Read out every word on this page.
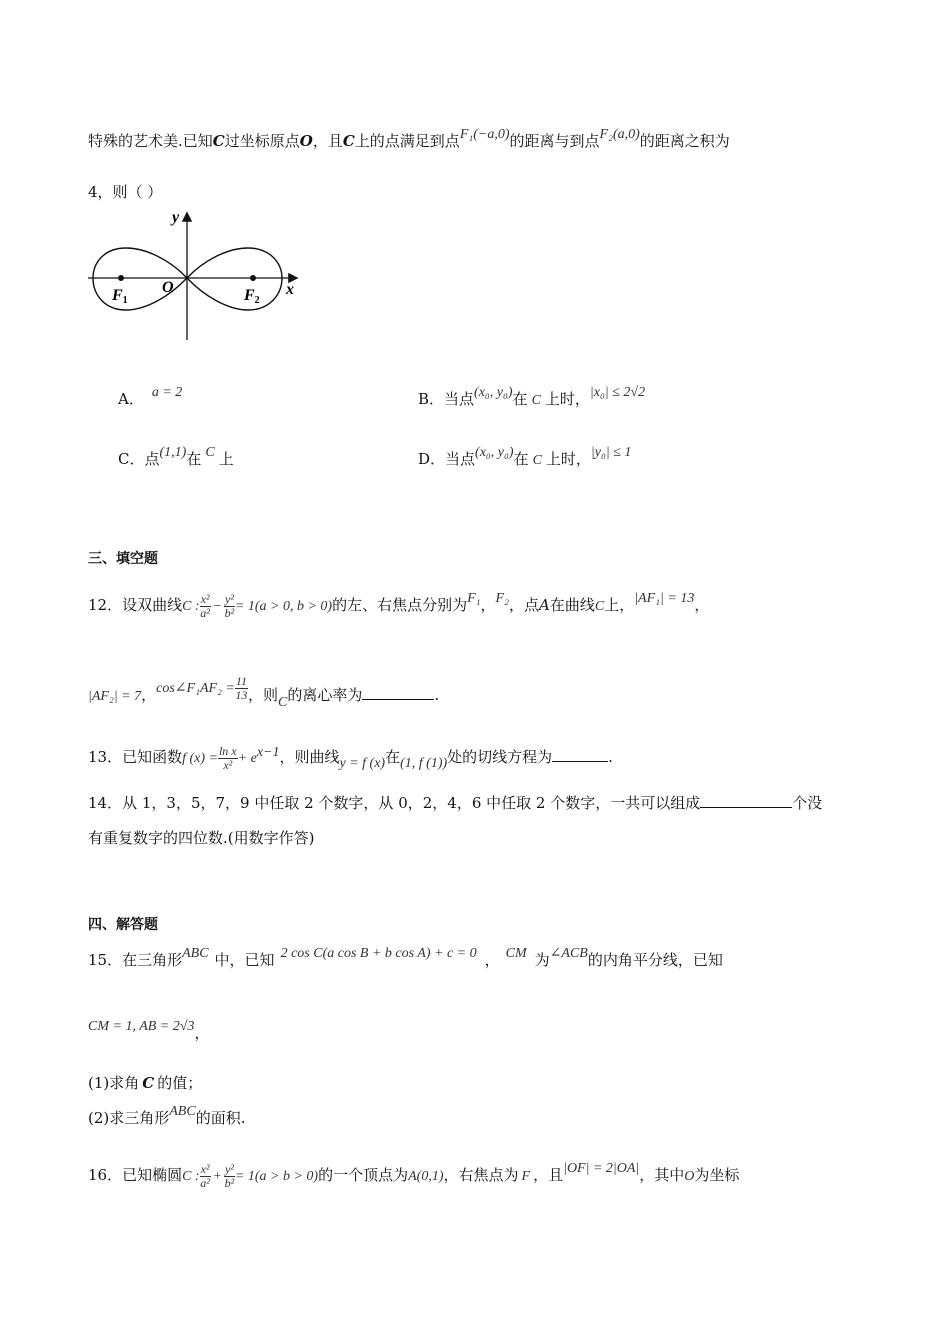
特殊的艺术美.已知C过坐标原点O，且C上的点满足到点F₁(−a,0)的距离与到点F₂(a,0)的距离之积为
4，则（ ）
y
x
O
F1	F2
A． a = 2	B．当点(x₀, y₀)在 C 上时，|x₀| ≤ 2√2
C．点(1,1)在 C 上	D．当点(x₀, y₀)在 C 上时，|y₀| ≤ 1
三、填空题
12．设双曲线C : $\frac{\text{x²}}{\text{a²}} - \frac{\text{y²}}{\text{b²}} = 1(a > 0$, b > 0)的左、右焦点分别为F₁，F₂，点A在曲线C上，|AF₁| = 13，
|AF₂| = 7，cos∠F₁AF₂ = $\frac{11}{13}$ ，则C的离心率为	.
13．已知函数f $(x) = \frac{\text{ln x}}{\text{x²}} + e^{x-1}$，则曲线y = f (x)在(1, f (1))处的切线方程为	.
14．从 1，3，5，7，9 中任取 2 个数字，从 0，2，4，6 中任取 2 个数字，一共可以组成	个没
有重复数字的四位数.(用数字作答)
四、解答题
15．在三角形ABC 中，已知 2 cos C(a cos B + b cos A) + c = 0 ， CM 为∠ACB的内角平分线，已知
CM = 1, AB = 2√3，
(1)求角 C 的值；
(2)求三角形ABC的面积.
16．已知椭圆C : $\frac{\text{x²}}{\text{a²}} + \frac{\text{y²}}{\text{b²}} = 1(a > b > 0)$的一个顶点为A(0,1)，右焦点为 F ，且|OF| = 2|OA|，其中O为坐标
